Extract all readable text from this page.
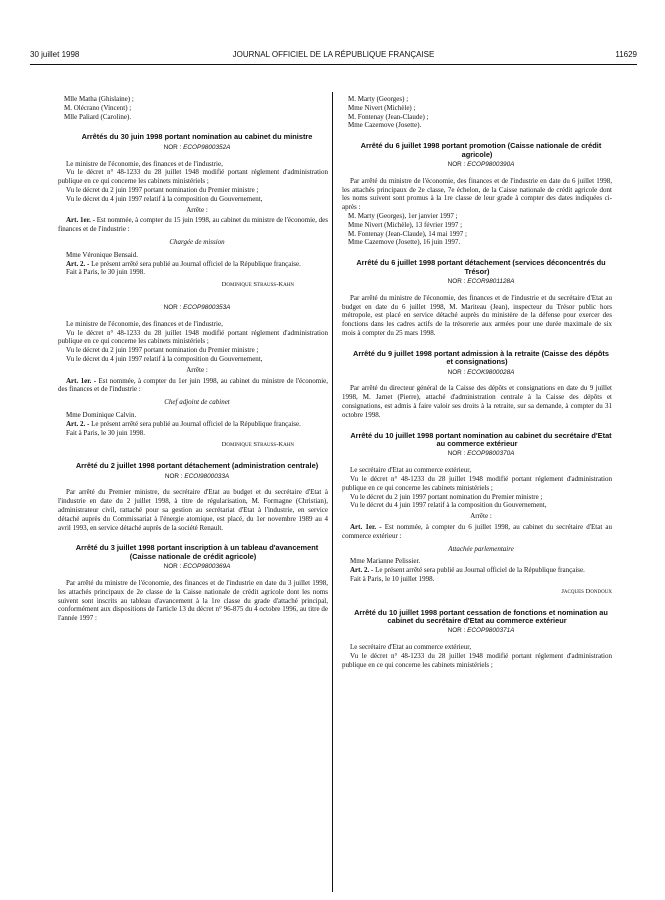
30 juillet 1998	JOURNAL OFFICIEL DE LA RÉPUBLIQUE FRANÇAISE	11629

Mlle Matha (Ghislaine) ;

M. Olécrano (Vincent) ;

Mlle Paliard (Caroline).

Arrêtés du 30 juin 1998 portant nomination au cabinet du ministre

NOR : ECOP9800352A

Le ministre de l'économie, des finances et de l'industrie,

Vu le décret n° 48-1233 du 28 juillet 1948 modifié portant réglement d'administration publique en ce qui concerne les cabinets ministériels ;

Vu le décret du 2 juin 1997 portant nomination du Premier ministre ;

Vu le décret du 4 juin 1997 relatif à la composition du Gouvernement,

Arrête :

Art. 1er. - Est nommée, à compter du 15 juin 1998, au cabinet du ministre de l'économie, des finances et de l'industrie :

Chargée de mission

Mme Véronique Bensaid.

Art. 2. - Le présent arrêté sera publié au Journal officiel de la République française.

Fait à Paris, le 30 juin 1998.

Dominique Strauss-Kahn

NOR : ECOP9800353A

Le ministre de l'économie, des finances et de l'industrie,

Vu le décret n° 48-1233 du 28 juillet 1948 modifié portant réglement d'administration publique en ce qui concerne les cabinets ministériels ;

Vu le décret du 2 juin 1997 portant nomination du Premier ministre ;

Vu le décret du 4 juin 1997 relatif à la composition du Gouvernement,

Arrête :

Art. 1er. - Est nommée, à compter du 1er juin 1998, au cabinet du ministre de l'économie, des finances et de l'industrie :

Chef adjoint de cabinet

Mme Dominique Calvin.

Art. 2. - Le présent arrêté sera publié au Journal officiel de la République française.

Fait à Paris, le 30 juin 1998.

Dominique Strauss-Kahn

Arrêté du 2 juillet 1998 portant détachement (administration centrale)

NOR : ECOI9800033A

Par arrêté du Premier ministre, du secrétaire d'Etat au budget et du secrétaire d'Etat à l'industrie en date du 2 juillet 1998, à titre de régularisation, M. Formagne (Christian), administrateur civil, rattaché pour sa gestion au secrétariat d'Etat à l'industrie, en service détaché auprès du Commissariat à l'énergie atomique, est placé, du 1er novembre 1989 au 4 avril 1993, en service détaché auprès de la société Renault.

Arrêté du 3 juillet 1998 portant inscription à un tableau d'avancement (Caisse nationale de crédit agricole)

NOR : ECOP9800369A

Par arrêté du ministre de l'économie, des finances et de l'industrie en date du 3 juillet 1998, les attachés principaux de 2e classe de la Caisse nationale de crédit agricole dont les noms suivent sont inscrits au tableau d'avancement à la 1re classe du grade d'attaché principal, conformément aux dispositions de l'article 13 du décret n° 96-875 du 4 octobre 1996, au titre de l'année 1997 :

M. Marty (Georges) ;

Mme Nivert (Michèle) ;

M. Fontenay (Jean-Claude) ;

Mme Cazemove (Josette).

Arrêté du 6 juillet 1998 portant promotion (Caisse nationale de crédit agricole)

NOR : ECOP9800390A

Par arrêté du ministre de l'économie, des finances et de l'industrie en date du 6 juillet 1998, les attachés principaux de 2e classe, 7e échelon, de la Caisse nationale de crédit agricole dont les noms suivent sont promus à la 1re classe de leur grade à compter des dates indiquées ci-après :

M. Marty (Georges), 1er janvier 1997 ;

Mme Nivert (Michèle), 13 février 1997 ;

M. Fontenay (Jean-Claude), 14 mai 1997 ;

Mme Cazemove (Josette), 16 juin 1997.

Arrêté du 6 juillet 1998 portant détachement (services déconcentrés du Trésor)

NOR : ECOR9801128A

Par arrêté du ministre de l'économie, des finances et de l'industrie et du secrétaire d'Etat au budget en date du 6 juillet 1998, M. Mariteau (Jean), inspecteur du Trésor public hors métropole, est placé en service détaché auprès du ministère de la défense pour exercer des fonctions dans les cadres actifs de la trésorerie aux armées pour une durée maximale de six mois à compter du 25 mars 1998.

Arrêté du 9 juillet 1998 portant admission à la retraite (Caisse des dépôts et consignations)

NOR : ECOK9800028A

Par arrêté du directeur général de la Caisse des dépôts et consignations en date du 9 juillet 1998, M. Jarnet (Pierre), attaché d'administration centrale à la Caisse des dépôts et consignations, est admis à faire valoir ses droits à la retraite, sur sa demande, à compter du 31 octobre 1998.

Arrêté du 10 juillet 1998 portant nomination au cabinet du secrétaire d'Etat au commerce extérieur

NOR : ECOP9800370A

Le secrétaire d'Etat au commerce extérieur,

Vu le décret n° 48-1233 du 28 juillet 1948 modifié portant réglement d'administration publique en ce qui concerne les cabinets ministériels ;

Vu le décret du 2 juin 1997 portant nomination du Premier ministre ;

Vu le décret du 4 juin 1997 relatif à la composition du Gouvernement,

Arrête :

Art. 1er. - Est nommée, à compter du 6 juillet 1998, au cabinet du secrétaire d'Etat au commerce extérieur :

Attachée parlementaire

Mme Marianne Pelissier.

Art. 2. - Le présent arrêté sera publié au Journal officiel de la République française.

Fait à Paris, le 10 juillet 1998.

Jacques Dondoux

Arrêté du 10 juillet 1998 portant cessation de fonctions et nomination au cabinet du secrétaire d'Etat au commerce extérieur

NOR : ECOP9800371A

Le secrétaire d'Etat au commerce extérieur,

Vu le décret n° 48-1233 du 28 juillet 1948 modifié portant réglement d'administration publique en ce qui concerne les cabinets ministériels ;
